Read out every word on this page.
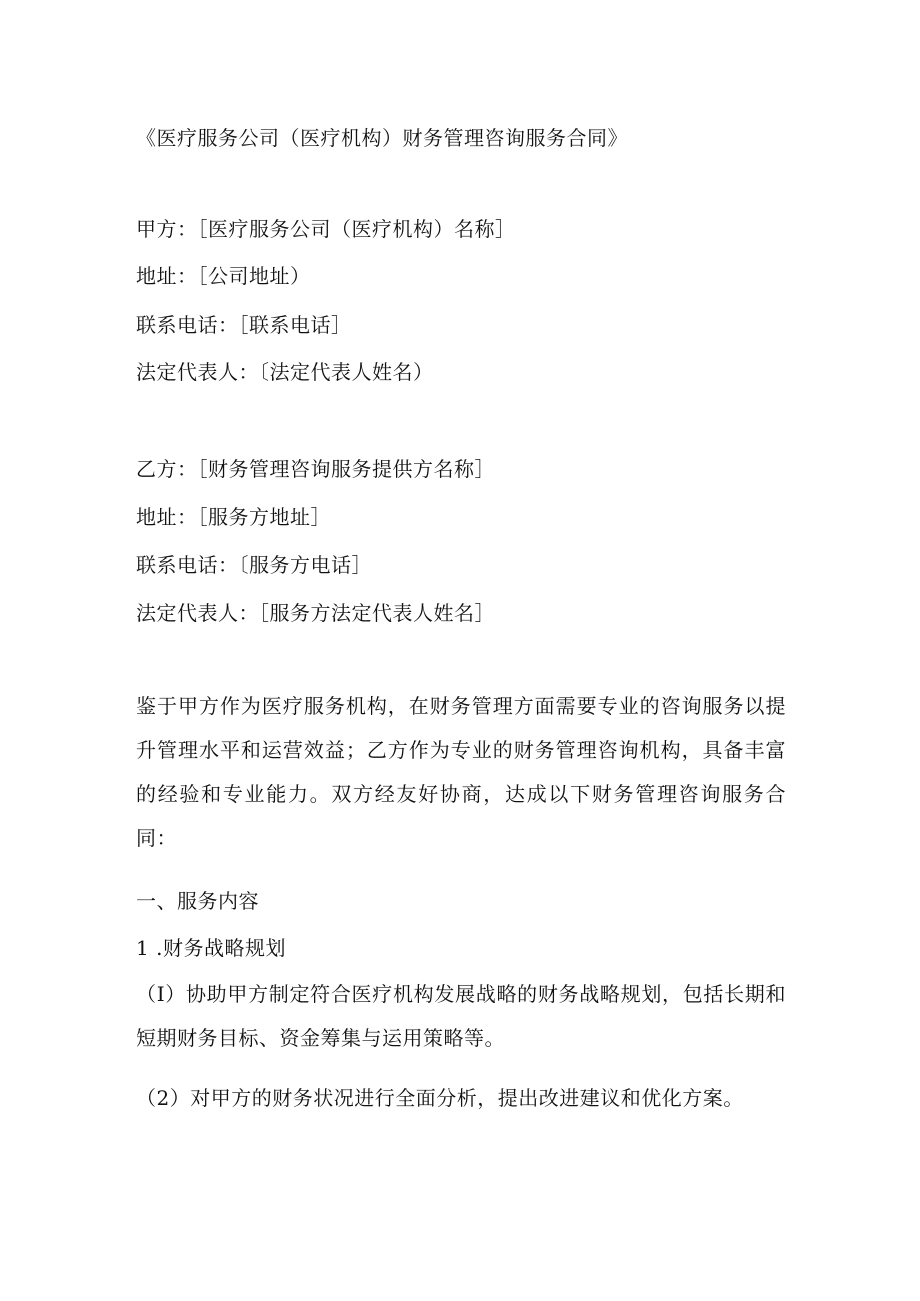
《医疗服务公司（医疗机构）财务管理咨询服务合同》
甲方：［医疗服务公司（医疗机构）名称］
地址：［公司地址）
联系电话：［联系电话］
法定代表人：〔法定代表人姓名）
乙方：［财务管理咨询服务提供方名称］
地址：［服务方地址］
联系电话：〔服务方电话］
法定代表人：［服务方法定代表人姓名］
鉴于甲方作为医疗服务机构，在财务管理方面需要专业的咨询服务以提升管理水平和运营效益；乙方作为专业的财务管理咨询机构，具备丰富的经验和专业能力。双方经友好协商，达成以下财务管理咨询服务合同：
一、服务内容
1 .财务战略规划
（I）协助甲方制定符合医疗机构发展战略的财务战略规划，包括长期和短期财务目标、资金筹集与运用策略等。
（2）对甲方的财务状况进行全面分析，提出改进建议和优化方案。
